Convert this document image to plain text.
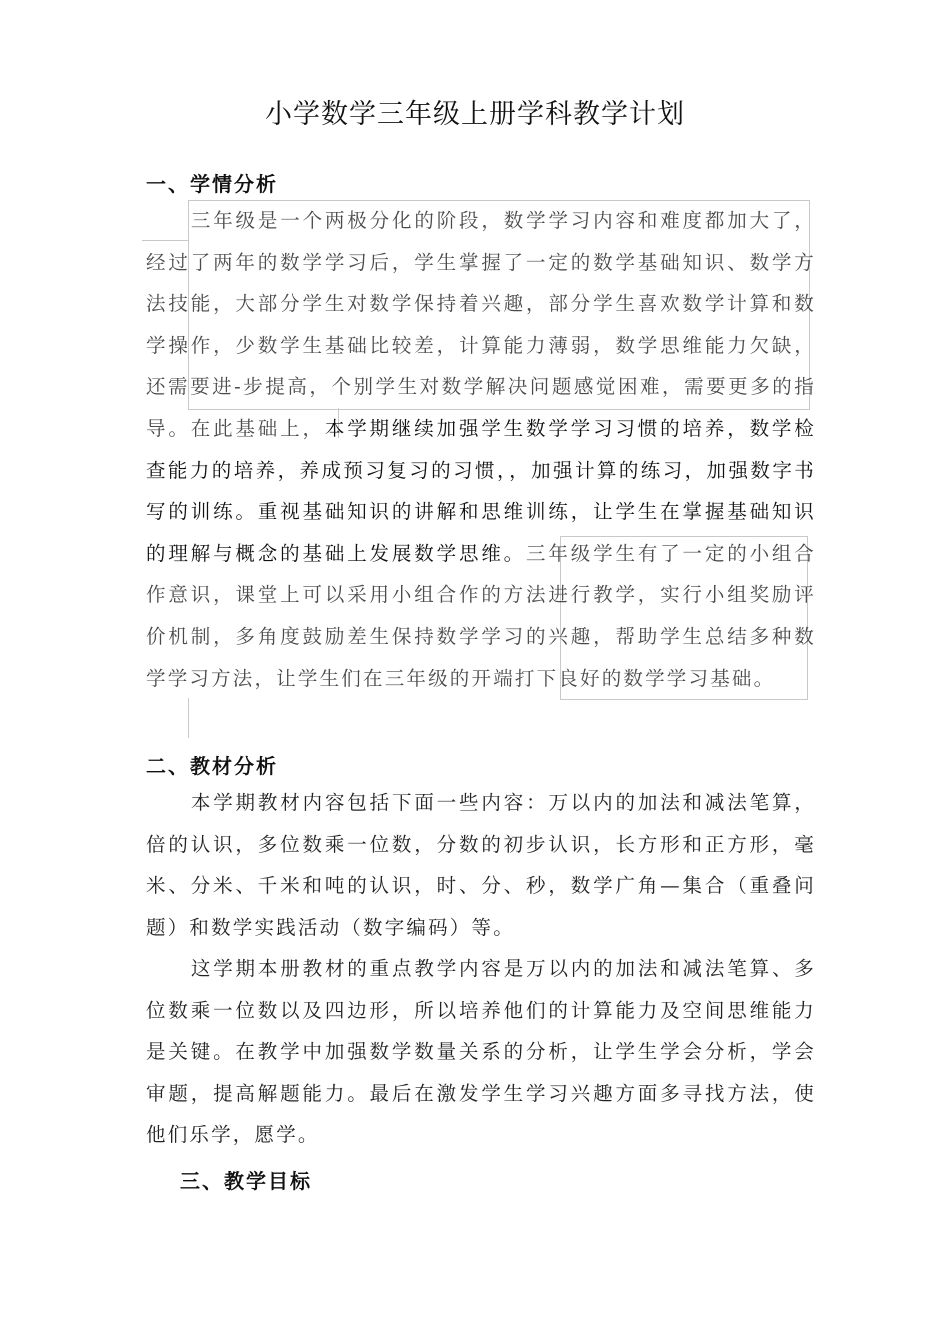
小学数学三年级上册学科教学计划
一、学情分析
三年级是一个两极分化的阶段，数学学习内容和难度都加大了，经过了两年的数学学习后，学生掌握了一定的数学基础知识、数学方法技能，大部分学生对数学保持着兴趣，部分学生喜欢数学计算和数学操作，少数学生基础比较差，计算能力薄弱，数学思维能力欠缺，还需要进-步提高，个别学生对数学解决问题感觉困难，需要更多的指导。在此基础上，本学期继续加强学生数学学习习惯的培养，数学检查能力的培养，养成预习复习的习惯，，加强计算的练习，加强数字书写的训练。重视基础知识的讲解和思维训练，让学生在掌握基础知识的理解与概念的基础上发展数学思维。三年级学生有了一定的小组合作意识，课堂上可以采用小组合作的方法进行教学，实行小组奖励评价机制，多角度鼓励差生保持数学学习的兴趣，帮助学生总结多种数学学习方法，让学生们在三年级的开端打下良好的数学学习基础。
二、教材分析
本学期教材内容包括下面一些内容：万以内的加法和减法笔算，倍的认识，多位数乘一位数，分数的初步认识，长方形和正方形，毫米、分米、千米和吨的认识，时、分、秒，数学广角—集合（重叠问题）和数学实践活动（数字编码）等。
这学期本册教材的重点教学内容是万以内的加法和减法笔算、多位数乘一位数以及四边形，所以培养他们的计算能力及空间思维能力是关键。在教学中加强数学数量关系的分析，让学生学会分析，学会审题，提高解题能力。最后在激发学生学习兴趣方面多寻找方法，使他们乐学，愿学。
三、教学目标
